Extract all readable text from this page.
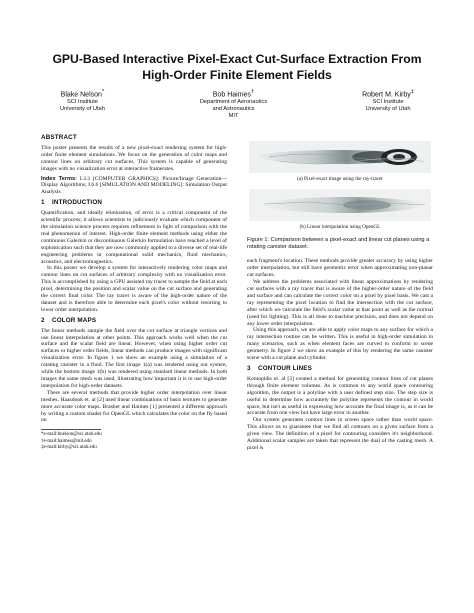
GPU-Based Interactive Pixel-Exact Cut-Surface Extraction From
High-Order Finite Element Fields
Blake Nelson*
SCI Institute
University of Utah
Bob Haimes†
Department of Aeronautics
and Astronautics
MIT
Robert M. Kirby‡
SCI Institute
University of Utah
ABSTRACT

This poster presents the results of a new pixel-exact rendering system for high-order finite element simulations. We focus on the generation of color maps and contour lines on arbitrary cut surfaces. This system is capable of generating images with no visualization error at interactive framerates.

Index Terms: I.3.3 [COMPUTER GRAPHICS]: Picture/Image Generation—Display Algorithms; I.6.6 [SIMULATION AND MODELING]: Simulation Output Analysis

1 INTRODUCTION

Quantification, and ideally elimination, of error is a critical component of the scientific process; it allows scientists to judiciously evaluate which component of the simulation science process requires refinement in light of comparison with the real phenomenon of interest. High-order finite element methods using either the continuous Galerkin or discontinuous Galerkin formulation have reached a level of sophistication such that they are now commonly applied to a diverse set of real-life engineering problems in computational solid mechanics, fluid mechanics, acoustics, and electromagnetics.

In this poster we develop a system for interactively rendering color maps and contour lines on cut surfaces of arbitrary complexity with no visualization error. This is accomplished by using a GPU assisted ray tracer to sample the field at each pixel, determining the position and scalar value on the cut surface and generating the correct final color. The ray tracer is aware of the high-order nature of the dataset and is therefore able to determine each pixel's color without resorting to lower order interpolation.

2 COLOR MAPS

The linear methods sample the field over the cut surface at triangle vertices and use linear interpolation at other points. This approach works well when the cut surface and the scalar field are linear. However, when using higher order cut surfaces or higher order fields, linear methods can produce images with significant visualization error. In figure 1 we show an example using a simulation of a rotating canister in a fluid. The first image 1(a) was rendered using our system, while the bottom image 1(b) was rendered using standard linear methods. In both images the same mesh was used, illustrating how important it is to use high-order interpolation for high-order datasets.

There are several methods that provide higher order interpolation over linear meshes. Haasdonk et. al [2] used linear combinations of basis textures to generate more accurate color maps. Brasher and Haimes [1] presented a different approach by writing a custom shader for OpenGL which calculates the color on the fly based on

*e-mail:bnelson@sci.utah.edu
†e-mail:haimes@mit.edu
‡e-mail:kirby@sci.utah.edu
(a) Pixel-exact image using the ray-tracer
(b) Linear interpolation using OpenGL
Figure 1: Comparison between a pixel-exact and linear cut planes using a rotating canister dataset.

each fragment's location. These methods provide greater accuracy by using higher order interpolation, but still have geometric error when approximating non-planar cut surfaces.

We address the problems associated with linear approximations by rendering cut surfaces with a ray tracer that is aware of the higher-order nature of the field and surface and can calculate the correct color on a pixel by pixel basis. We cast a ray representing the pixel location to find the intersection with the cut surface, after which we calculate the field's scalar value at that point as well as the normal (used for lighting). This is all done to machine precision, and does not depend on any lower order interpolation.

Using this approach, we are able to apply color maps to any surface for which a ray intersection routine can be written. This is useful in high-order simulation in many scenarios, such as when element faces are curved to conform to scene geometry. In figure 2 we show an example of this by rendering the same canister scene with a cut plane and cylinder.

3 CONTOUR LINES

Kontopidis et. al [3] created a method for generating contour lines of cut planes through finite element volumes. As is common to any world space contouring algorithm, the output is a polyline with a user defined step size. The step size is useful to determine how accurately the polyline represents the contour in world space, but isn't as useful in expressing how accurate the final image is, as it can be accurate from one view but have large error in another.

Our system generates contour lines in screen space rather than world space. This allows us to guarantee that we find all contours on a given surface from a given view. The definition of a pixel for contouring considers it's neighborhood. Additional scalar samples are taken that represent the dual of the casting mesh. A pixel is
